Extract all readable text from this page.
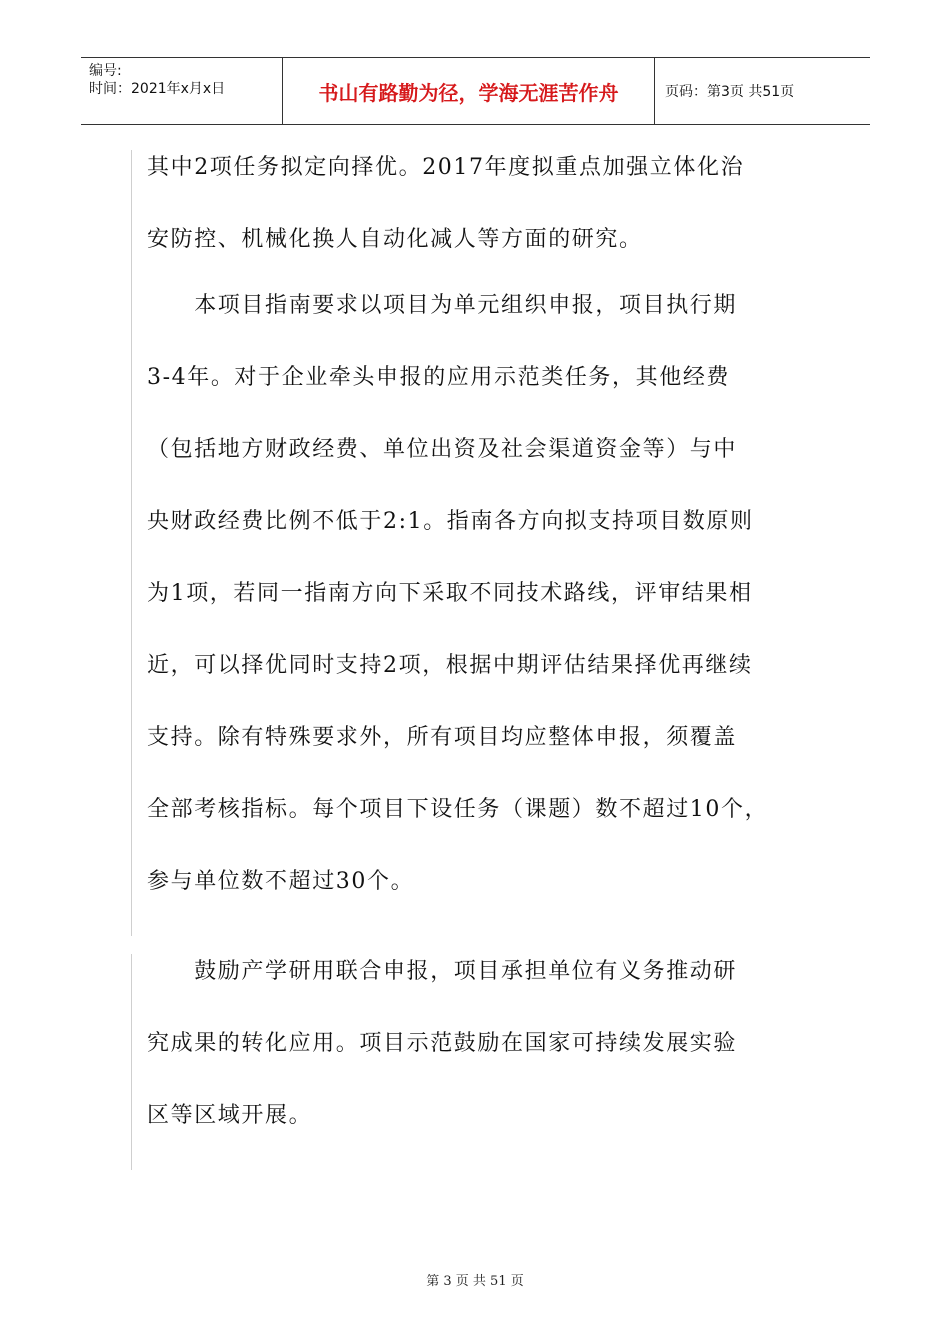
编号:
时间：2021年x月x日	书山有路勤为径，学海无涯苦作舟	页码：第3页 共51页
其中2项任务拟定向择优。2017年度拟重点加强立体化治
安防控、机械化换人自动化减人等方面的研究。
　　本项目指南要求以项目为单元组织申报，项目执行期
3-4年。对于企业牵头申报的应用示范类任务，其他经费
（包括地方财政经费、单位出资及社会渠道资金等）与中
央财政经费比例不低于2:1。指南各方向拟支持项目数原则
为1项，若同一指南方向下采取不同技术路线，评审结果相
近，可以择优同时支持2项，根据中期评估结果择优再继续
支持。除有特殊要求外，所有项目均应整体申报，须覆盖
全部考核指标。每个项目下设任务（课题）数不超过10个，
参与单位数不超过30个。
　　鼓励产学研用联合申报，项目承担单位有义务推动研
究成果的转化应用。项目示范鼓励在国家可持续发展实验
区等区域开展。
第 3 页 共 51 页
